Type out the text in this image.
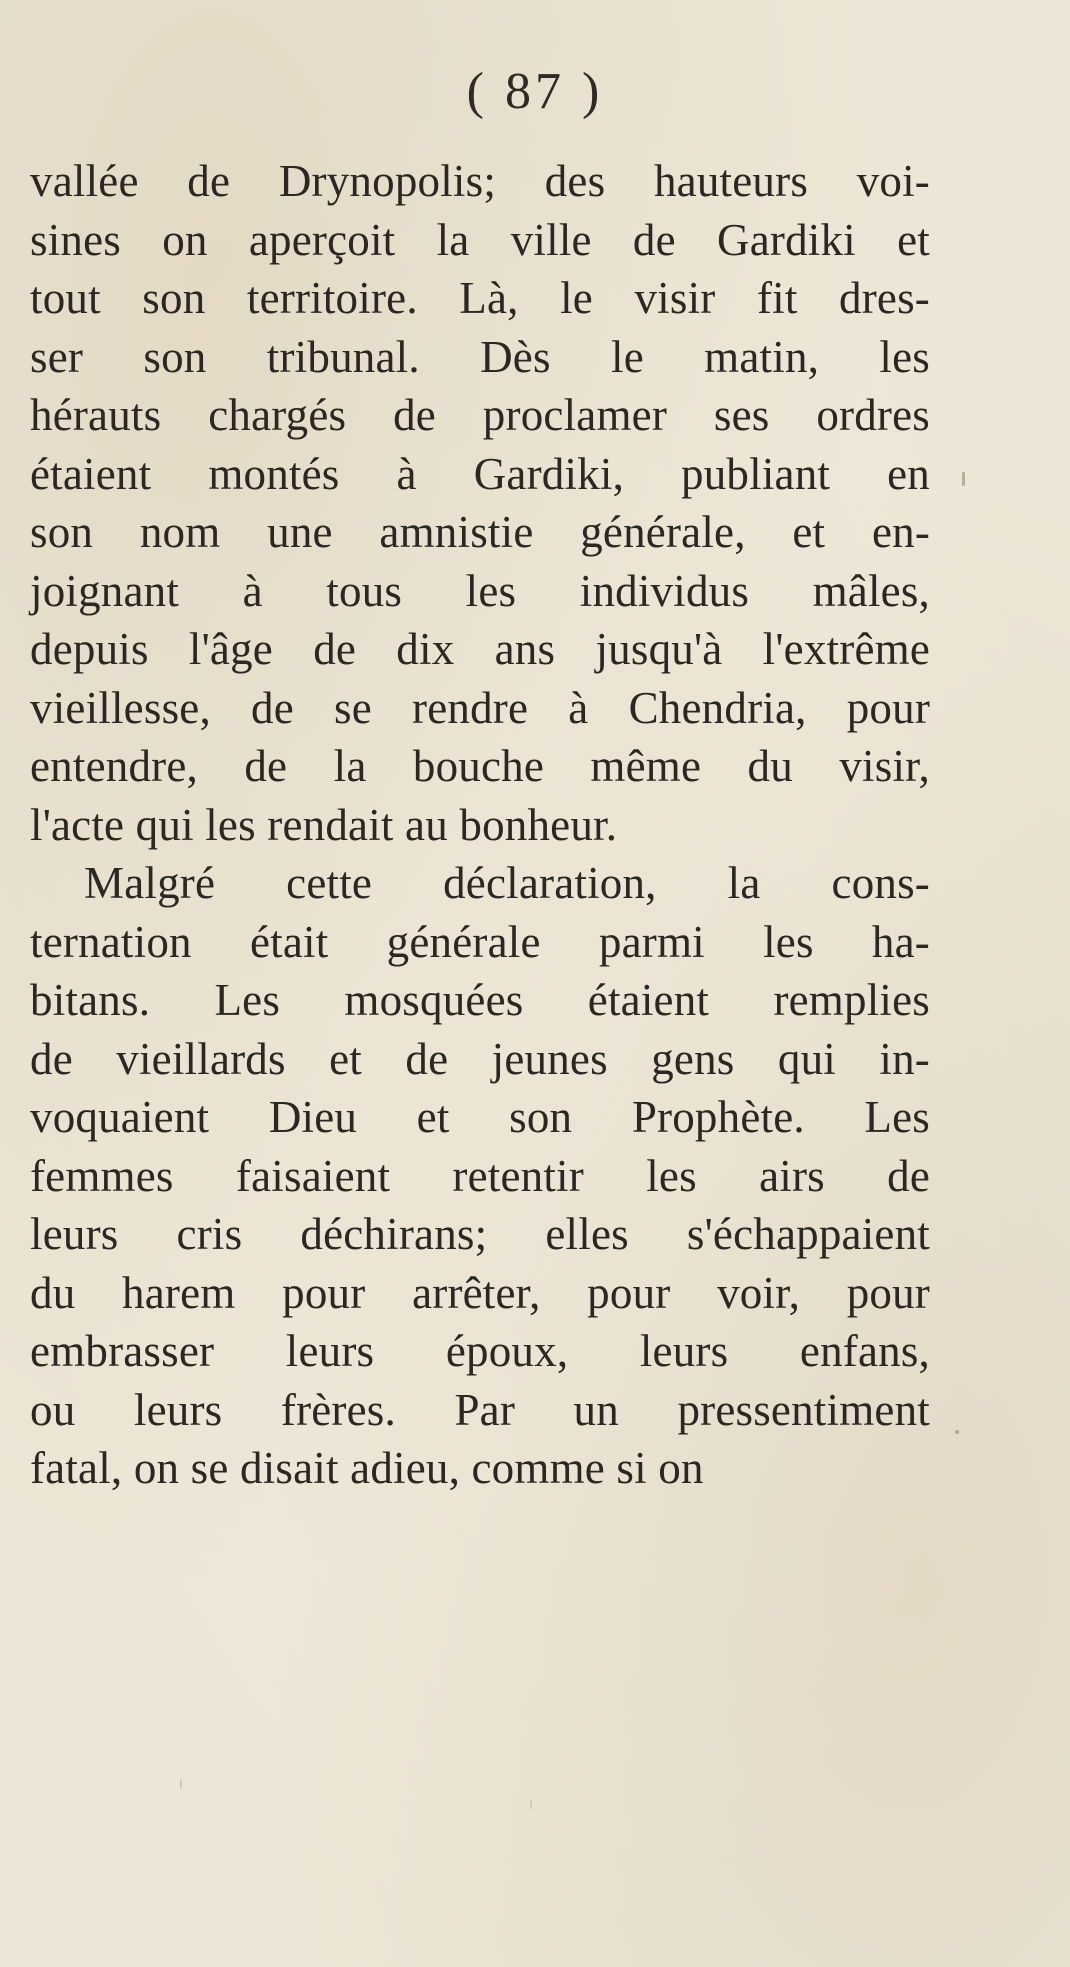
( 87 )
vallée de Drynopolis; des hauteurs voi-
sines on aperçoit la ville de Gardiki et
tout son territoire. Là, le visir fit dres-
ser son tribunal. Dès le matin, les
hérauts chargés de proclamer ses ordres
étaient montés à Gardiki, publiant en
son nom une amnistie générale, et en-
joignant à tous les individus mâles,
depuis l'âge de dix ans jusqu'à l'extrême
vieillesse, de se rendre à Chendria, pour
entendre, de la bouche même du visir,
l'acte qui les rendait au bonheur.
Malgré cette déclaration, la cons-
ternation était générale parmi les ha-
bitans. Les mosquées étaient remplies
de vieillards et de jeunes gens qui in-
voquaient Dieu et son Prophète. Les
femmes faisaient retentir les airs de
leurs cris déchirans; elles s'échappaient
du harem pour arrêter, pour voir, pour
embrasser leurs époux, leurs enfans,
ou leurs frères. Par un pressentiment
fatal, on se disait adieu, comme si on
